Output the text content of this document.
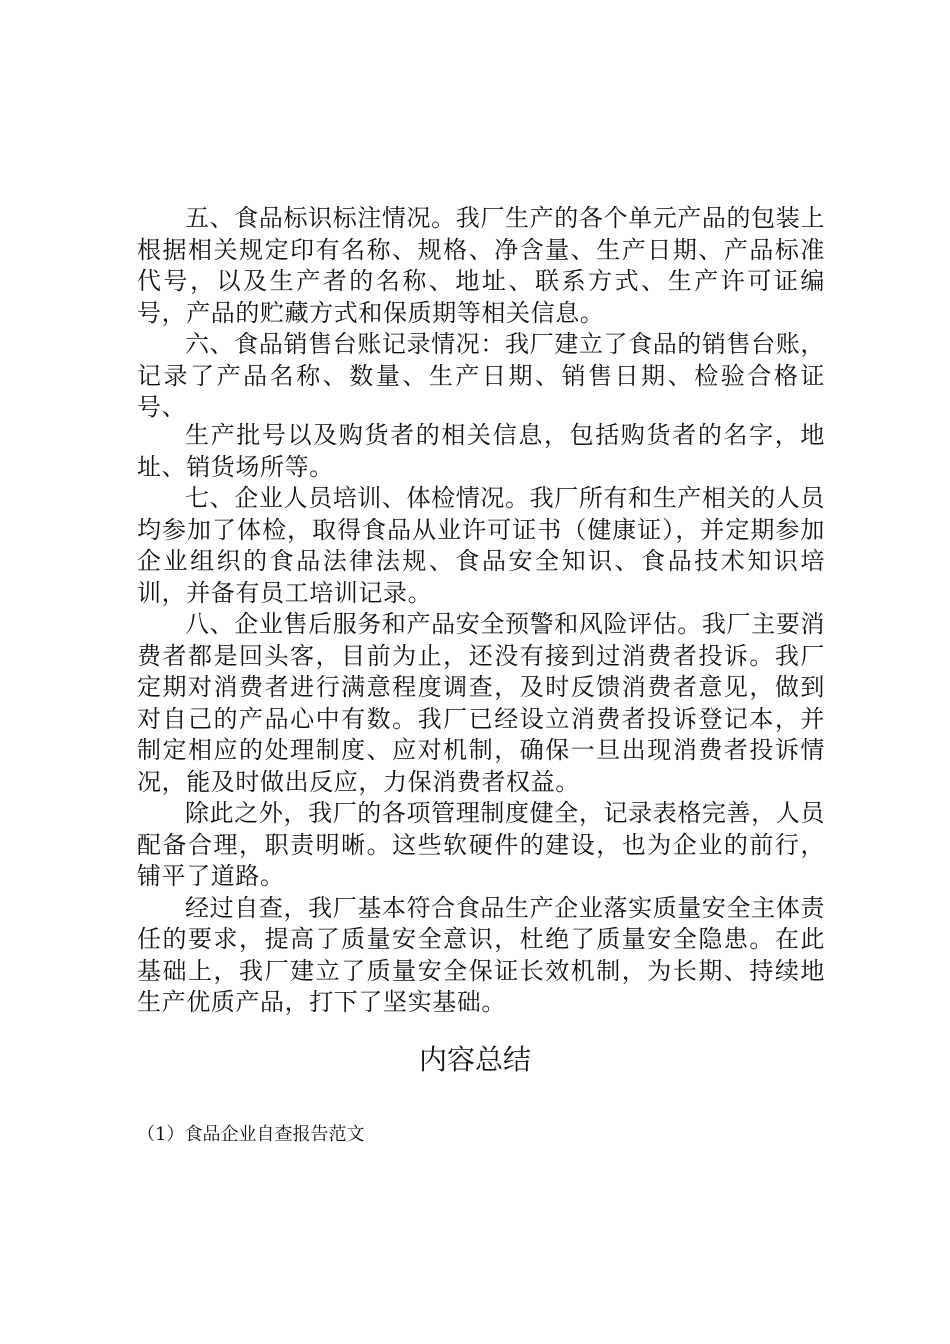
五、食品标识标注情况。我厂生产的各个单元产品的包装上根据相关规定印有名称、规格、净含量、生产日期、产品标准代号，以及生产者的名称、地址、联系方式、生产许可证编号，产品的贮藏方式和保质期等相关信息。

六、食品销售台账记录情况：我厂建立了食品的销售台账，记录了产品名称、数量、生产日期、销售日期、检验合格证号、

生产批号以及购货者的相关信息，包括购货者的名字，地址、销货场所等。

七、企业人员培训、体检情况。我厂所有和生产相关的人员均参加了体检，取得食品从业许可证书（健康证），并定期参加企业组织的食品法律法规、食品安全知识、食品技术知识培训，并备有员工培训记录。

八、企业售后服务和产品安全预警和风险评估。我厂主要消费者都是回头客，目前为止，还没有接到过消费者投诉。我厂定期对消费者进行满意程度调查，及时反馈消费者意见，做到对自己的产品心中有数。我厂已经设立消费者投诉登记本，并制定相应的处理制度、应对机制，确保一旦出现消费者投诉情况，能及时做出反应，力保消费者权益。

除此之外，我厂的各项管理制度健全，记录表格完善，人员配备合理，职责明晰。这些软硬件的建设，也为企业的前行，铺平了道路。

经过自查，我厂基本符合食品生产企业落实质量安全主体责任的要求，提高了质量安全意识，杜绝了质量安全隐患。在此基础上，我厂建立了质量安全保证长效机制，为长期、持续地生产优质产品，打下了坚实基础。

内容总结

（1）食品企业自查报告范文
